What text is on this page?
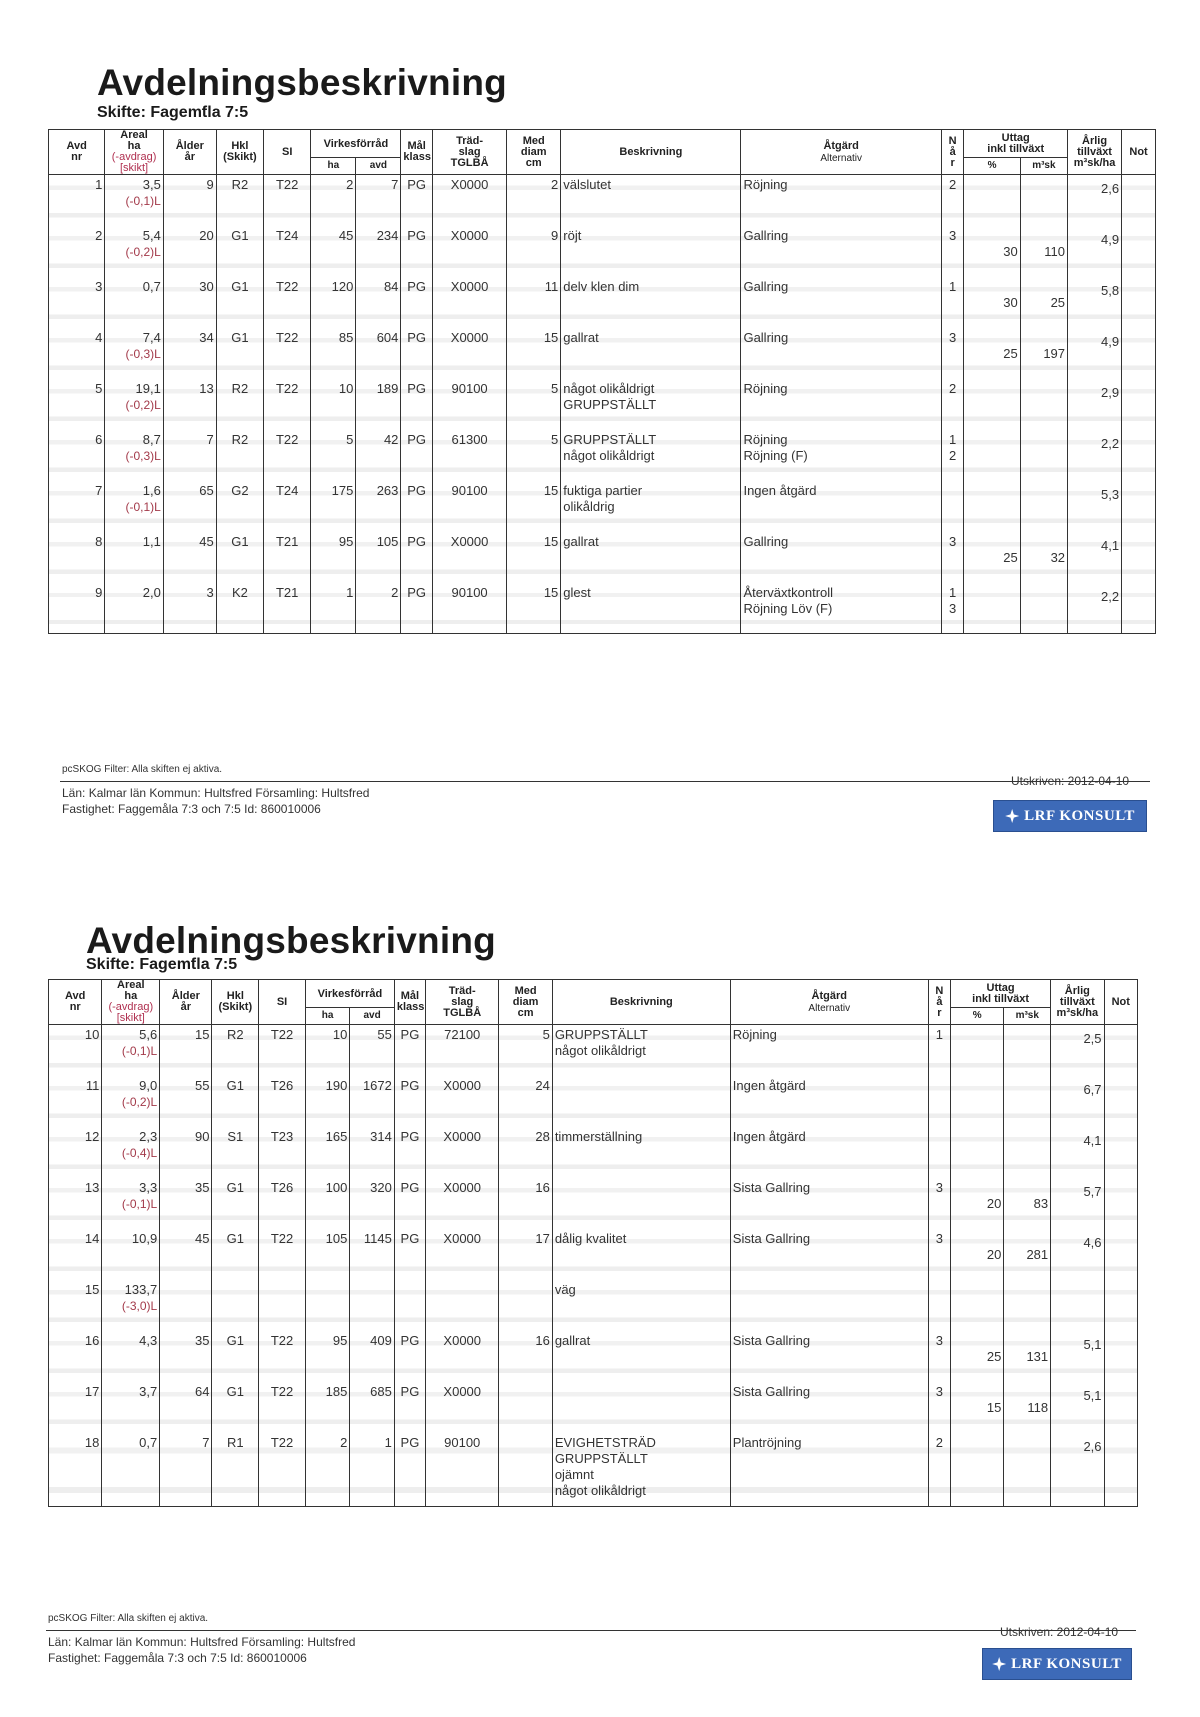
Avdelningsbeskrivning
Skifte: Fagemƭla 7:5
Avd
nr	Areal
ha
(-avdrag)
[skikt]	Ålder
år	Hkl
(Skikt)	SI	Virkesförråd		Mål
klass	Träd-
slag
TGLBÅ	Med
diam
cm	Beskrivning	Åtgärd
Alternativ	N
å
r	Uttag
inkl tillväxt		Årlig
tillväxt
m³sk/ha	Not
					ha	avd							%	m³sk		
1	3,5
(-0,1)L	9	R2	T22	2	7	PG	X0000	2	välslutet	Röjning	2			2,6	
2	5,4
(-0,2)L	20	G1	T24	45	234	PG	X0000	9	röjt	Gallring	3	30	110	4,9	
3	0,7	30	G1	T22	120	84	PG	X0000	11	delv klen dim	Gallring	1	30	25	5,8	
4	7,4
(-0,3)L	34	G1	T22	85	604	PG	X0000	15	gallrat	Gallring	3	25	197	4,9	
5	19,1
(-0,2)L	13	R2	T22	10	189	PG	90100	5	något olikåldrigt
GRUPPSTÄLLT	Röjning	2			2,9	
6	8,7
(-0,3)L	7	R2	T22	5	42	PG	61300	5	GRUPPSTÄLLT
något olikåldrigt	Röjning
Röjning (F)	1
2			2,2	
7	1,6
(-0,1)L	65	G2	T24	175	263	PG	90100	15	fuktiga partier
olikåldrig	Ingen åtgärd				5,3	
8	1,1	45	G1	T21	95	105	PG	X0000	15	gallrat	Gallring	3	25	32	4,1	
9	2,0	3	K2	T21	1	2	PG	90100	15	glest	Återväxtkontroll
Röjning Löv (F)	1
3			2,2	
pcSKOG Filter: Alla skiften ej aktiva.
Utskriven: 2012-04-10
Län: Kalmar län Kommun: Hultsfred Församling: Hultsfred
Fastighet: Faggemåla 7:3 och 7:5 Id: 860010006	LRF KONSULT
Avdelningsbeskrivning
Skifte: Fagemƭla 7:5
Avd
nr	Areal
ha
(-avdrag)
[skikt]	Ålder
år	Hkl
(Skikt)	SI	Virkesförråd		Mål
klass	Träd-
slag
TGLBÅ	Med
diam
cm	Beskrivning	Åtgärd
Alternativ	N
å
r	Uttag
inkl tillväxt		Årlig
tillväxt
m³sk/ha	Not
					ha	avd							%	m³sk		
10	5,6
(-0,1)L	15	R2	T22	10	55	PG	72100	5	GRUPPSTÄLLT
något olikåldrigt	Röjning	1			2,5	
11	9,0
(-0,2)L	55	G1	T26	190	1672	PG	X0000	24		Ingen åtgärd				6,7	
12	2,3
(-0,4)L	90	S1	T23	165	314	PG	X0000	28	timmerställning	Ingen åtgärd				4,1	
13	3,3
(-0,1)L	35	G1	T26	100	320	PG	X0000	16		Sista Gallring	3	20	83	5,7	
14	10,9	45	G1	T22	105	1145	PG	X0000	17	dålig kvalitet	Sista Gallring	3	20	281	4,6	
15	133,7
(-3,0)L									väg						

16	4,3	35	G1	T22	95	409	PG	X0000	16	gallrat	Sista Gallring	3	25	131	5,1	
17	3,7	64	G1	T22	185	685	PG	X0000			Sista Gallring	3	15	118	5,1	
18	0,7	7	R1	T22	2	1	PG	90100		EVIGHETSTRÄD
GRUPPSTÄLLT
ojämnt
något olikåldrigt	Plantröjning	2			2,6	
pcSKOG Filter: Alla skiften ej aktiva.
Utskriven: 2012-04-10
Län: Kalmar län Kommun: Hultsfred Församling: Hultsfred
Fastighet: Faggemåla 7:3 och 7:5 Id: 860010006	LRF KONSULT
